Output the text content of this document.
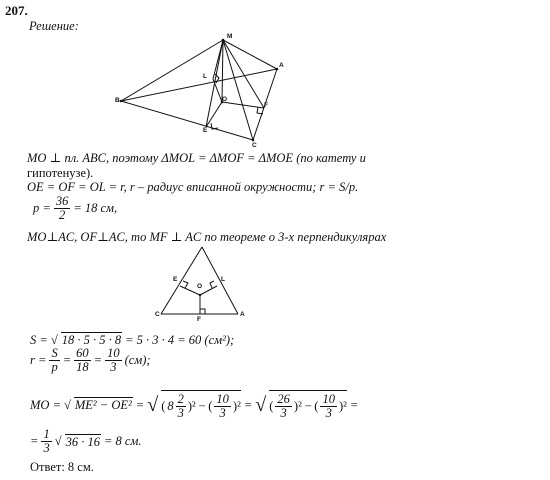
207.
Решение:
M
A
B
C
L
O
F
E
MO ⊥ пл. ABC, поэтому ΔMOL = ΔMOF = ΔMOE (по катету и
гипотенузе).
OE = OF = OL = r, r – радиус вписанной окружности; r = S/p.
$p = \frac{36}{2} = 18$ см,
MO⊥AC, OF⊥AC, то MF ⊥ AC по теореме о 3-х перпендикулярах
E	L
O
C
F
A
S = √ 18 · 5 · 5 · 8 = 5 · 3 · 4 = 60 (см²);
$r = \frac{S}{p} = \frac{60}{18} = \frac{10}{3} (см)$;
MO = √ ME² − OE² = √ ( $8 \frac{2}{3} )^2$ − ( $\frac{10}{3} )^2$ = √ ( $\frac{26}{3} )^2$ − ( $\frac{10}{3} )^2$ =
= $\frac{1}{3}$ √ 36 · 16 = 8 см.
Ответ: 8 см.
